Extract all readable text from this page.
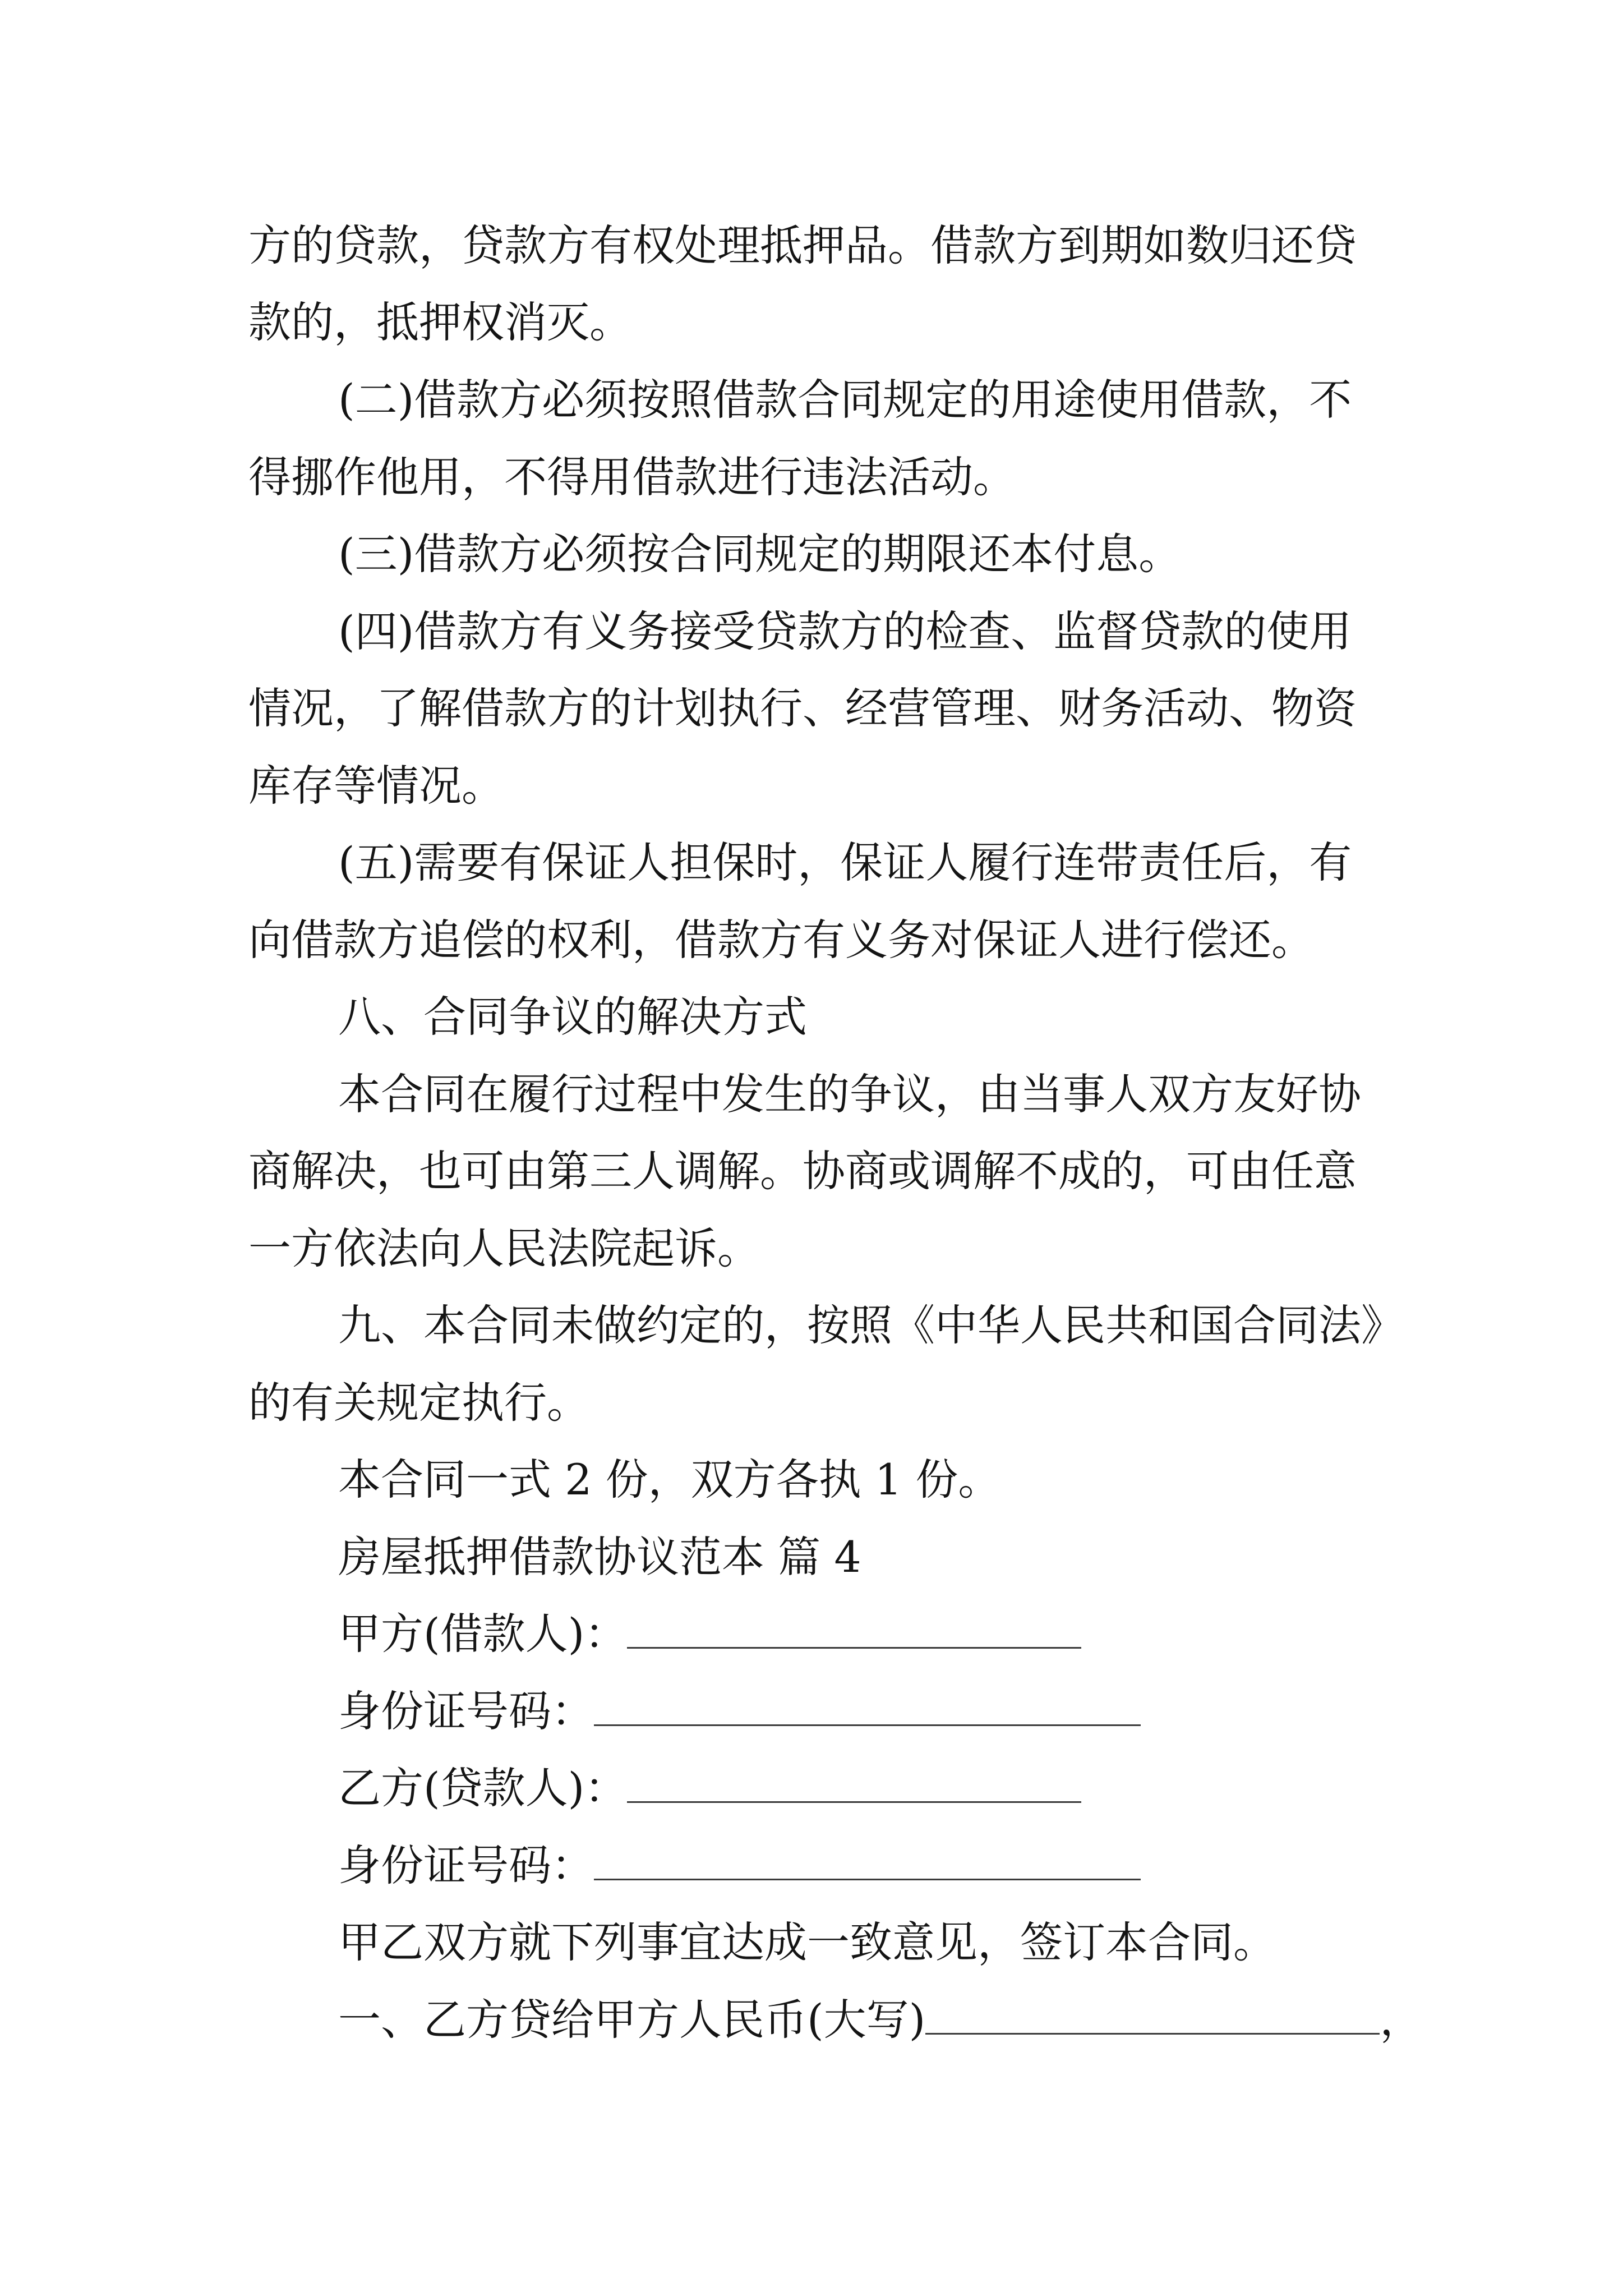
方的贷款，贷款方有权处理抵押品。借款方到期如数归还贷
款的，抵押权消灭。
(二)借款方必须按照借款合同规定的用途使用借款，不
得挪作他用，不得用借款进行违法活动。
(三)借款方必须按合同规定的期限还本付息。
(四)借款方有义务接受贷款方的检查、监督贷款的使用
情况，了解借款方的计划执行、经营管理、财务活动、物资
库存等情况。
(五)需要有保证人担保时，保证人履行连带责任后，有
向借款方追偿的权利，借款方有义务对保证人进行偿还。
八、合同争议的解决方式
本合同在履行过程中发生的争议，由当事人双方友好协
商解决，也可由第三人调解。协商或调解不成的，可由任意
一方依法向人民法院起诉。
九、本合同未做约定的，按照《中华人民共和国合同法》
的有关规定执行。
本合同一式 2 份，双方各执 1 份。
房屋抵押借款协议范本 篇 4
甲方(借款人)：
身份证号码：
乙方(贷款人)：
身份证号码：
甲乙双方就下列事宜达成一致意见，签订本合同。
一、乙方贷给甲方人民币(大写)	，
